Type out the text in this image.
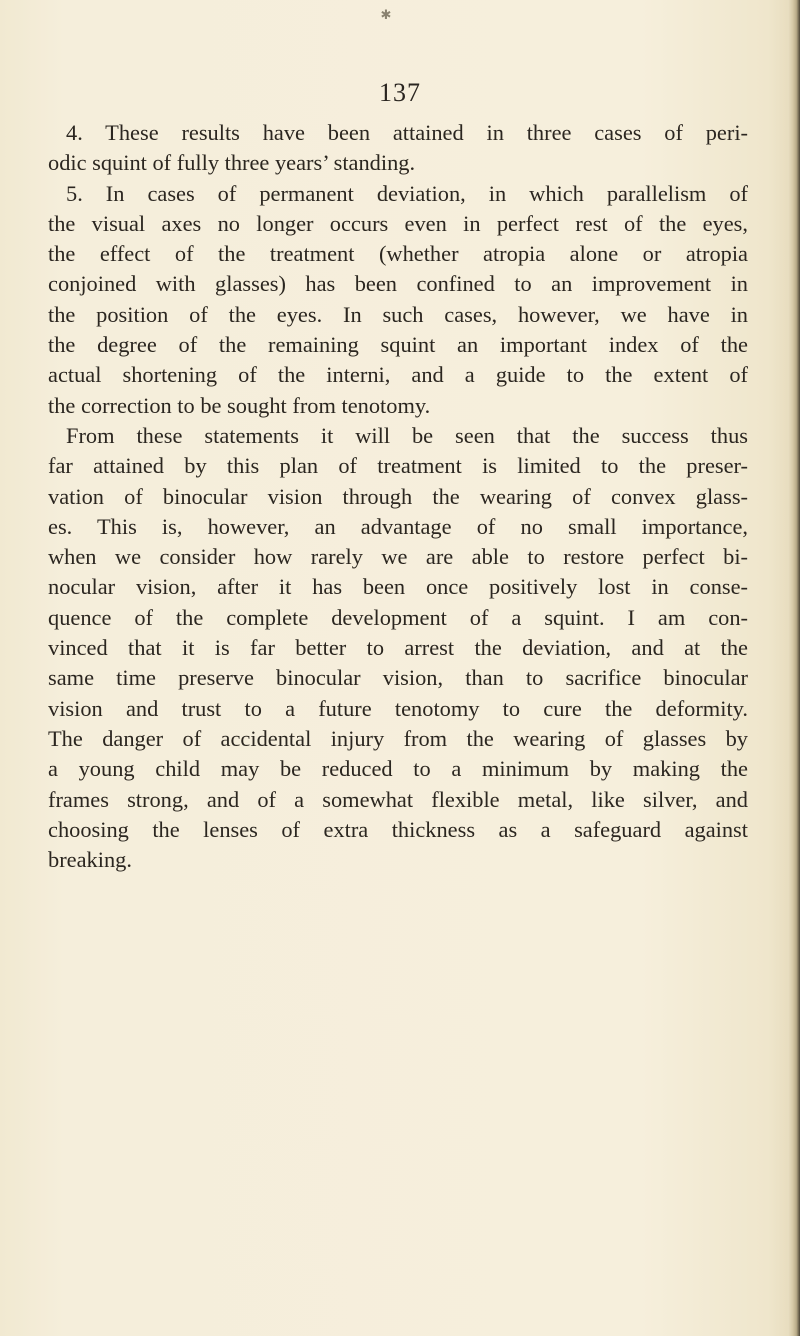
✱
137
4. These results have been attained in three cases of peri-
odic squint of fully three years’ standing.
5. In cases of permanent deviation, in which parallelism of
the visual axes no longer occurs even in perfect rest of the eyes,
the effect of the treatment (whether atropia alone or atropia
conjoined with glasses) has been confined to an improvement in
the position of the eyes. In such cases, however, we have in
the degree of the remaining squint an important index of the
actual shortening of the interni, and a guide to the extent of
the correction to be sought from tenotomy.
From these statements it will be seen that the success thus
far attained by this plan of treatment is limited to the preser-
vation of binocular vision through the wearing of convex glass-
es. This is, however, an advantage of no small importance,
when we consider how rarely we are able to restore perfect bi-
nocular vision, after it has been once positively lost in conse-
quence of the complete development of a squint. I am con-
vinced that it is far better to arrest the deviation, and at the
same time preserve binocular vision, than to sacrifice binocular
vision and trust to a future tenotomy to cure the deformity.
The danger of accidental injury from the wearing of glasses by
a young child may be reduced to a minimum by making the
frames strong, and of a somewhat flexible metal, like silver, and
choosing the lenses of extra thickness as a safeguard against
breaking.
